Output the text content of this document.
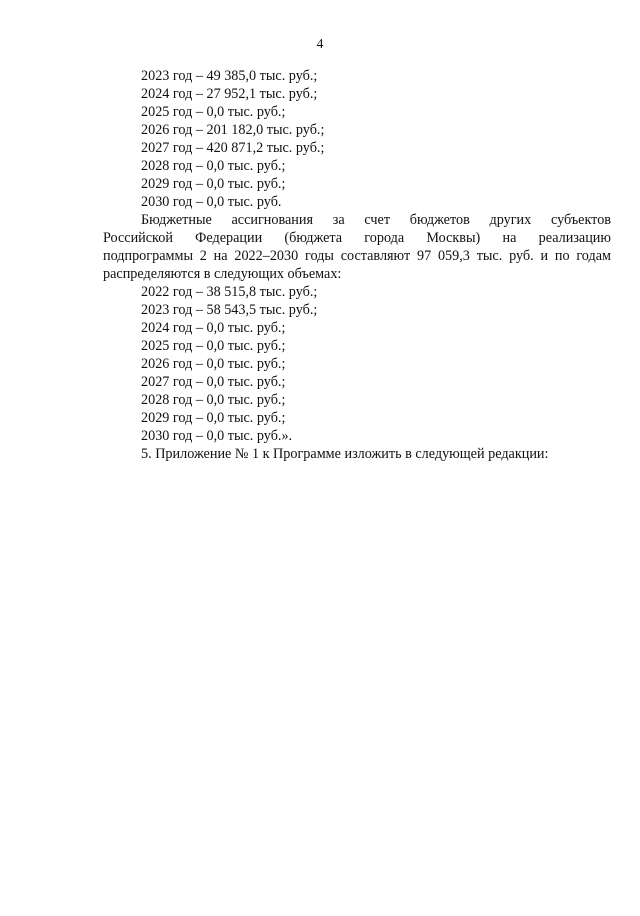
4
2023 год – 49 385,0 тыс. руб.;
2024 год – 27 952,1 тыс. руб.;
2025 год – 0,0 тыс. руб.;
2026 год – 201 182,0 тыс. руб.;
2027 год – 420 871,2 тыс. руб.;
2028 год – 0,0 тыс. руб.;
2029 год – 0,0 тыс. руб.;
2030 год – 0,0 тыс. руб.
Бюджетные ассигнования за счет бюджетов других субъектов
Российской Федерации (бюджета города Москвы) на реализацию
подпрограммы 2 на 2022–2030 годы составляют 97 059,3 тыс. руб. и по годам
распределяются в следующих объемах:
2022 год – 38 515,8 тыс. руб.;
2023 год – 58 543,5 тыс. руб.;
2024 год – 0,0 тыс. руб.;
2025 год – 0,0 тыс. руб.;
2026 год – 0,0 тыс. руб.;
2027 год – 0,0 тыс. руб.;
2028 год – 0,0 тыс. руб.;
2029 год – 0,0 тыс. руб.;
2030 год – 0,0 тыс. руб.».
5. Приложение № 1 к Программе изложить в следующей редакции:
